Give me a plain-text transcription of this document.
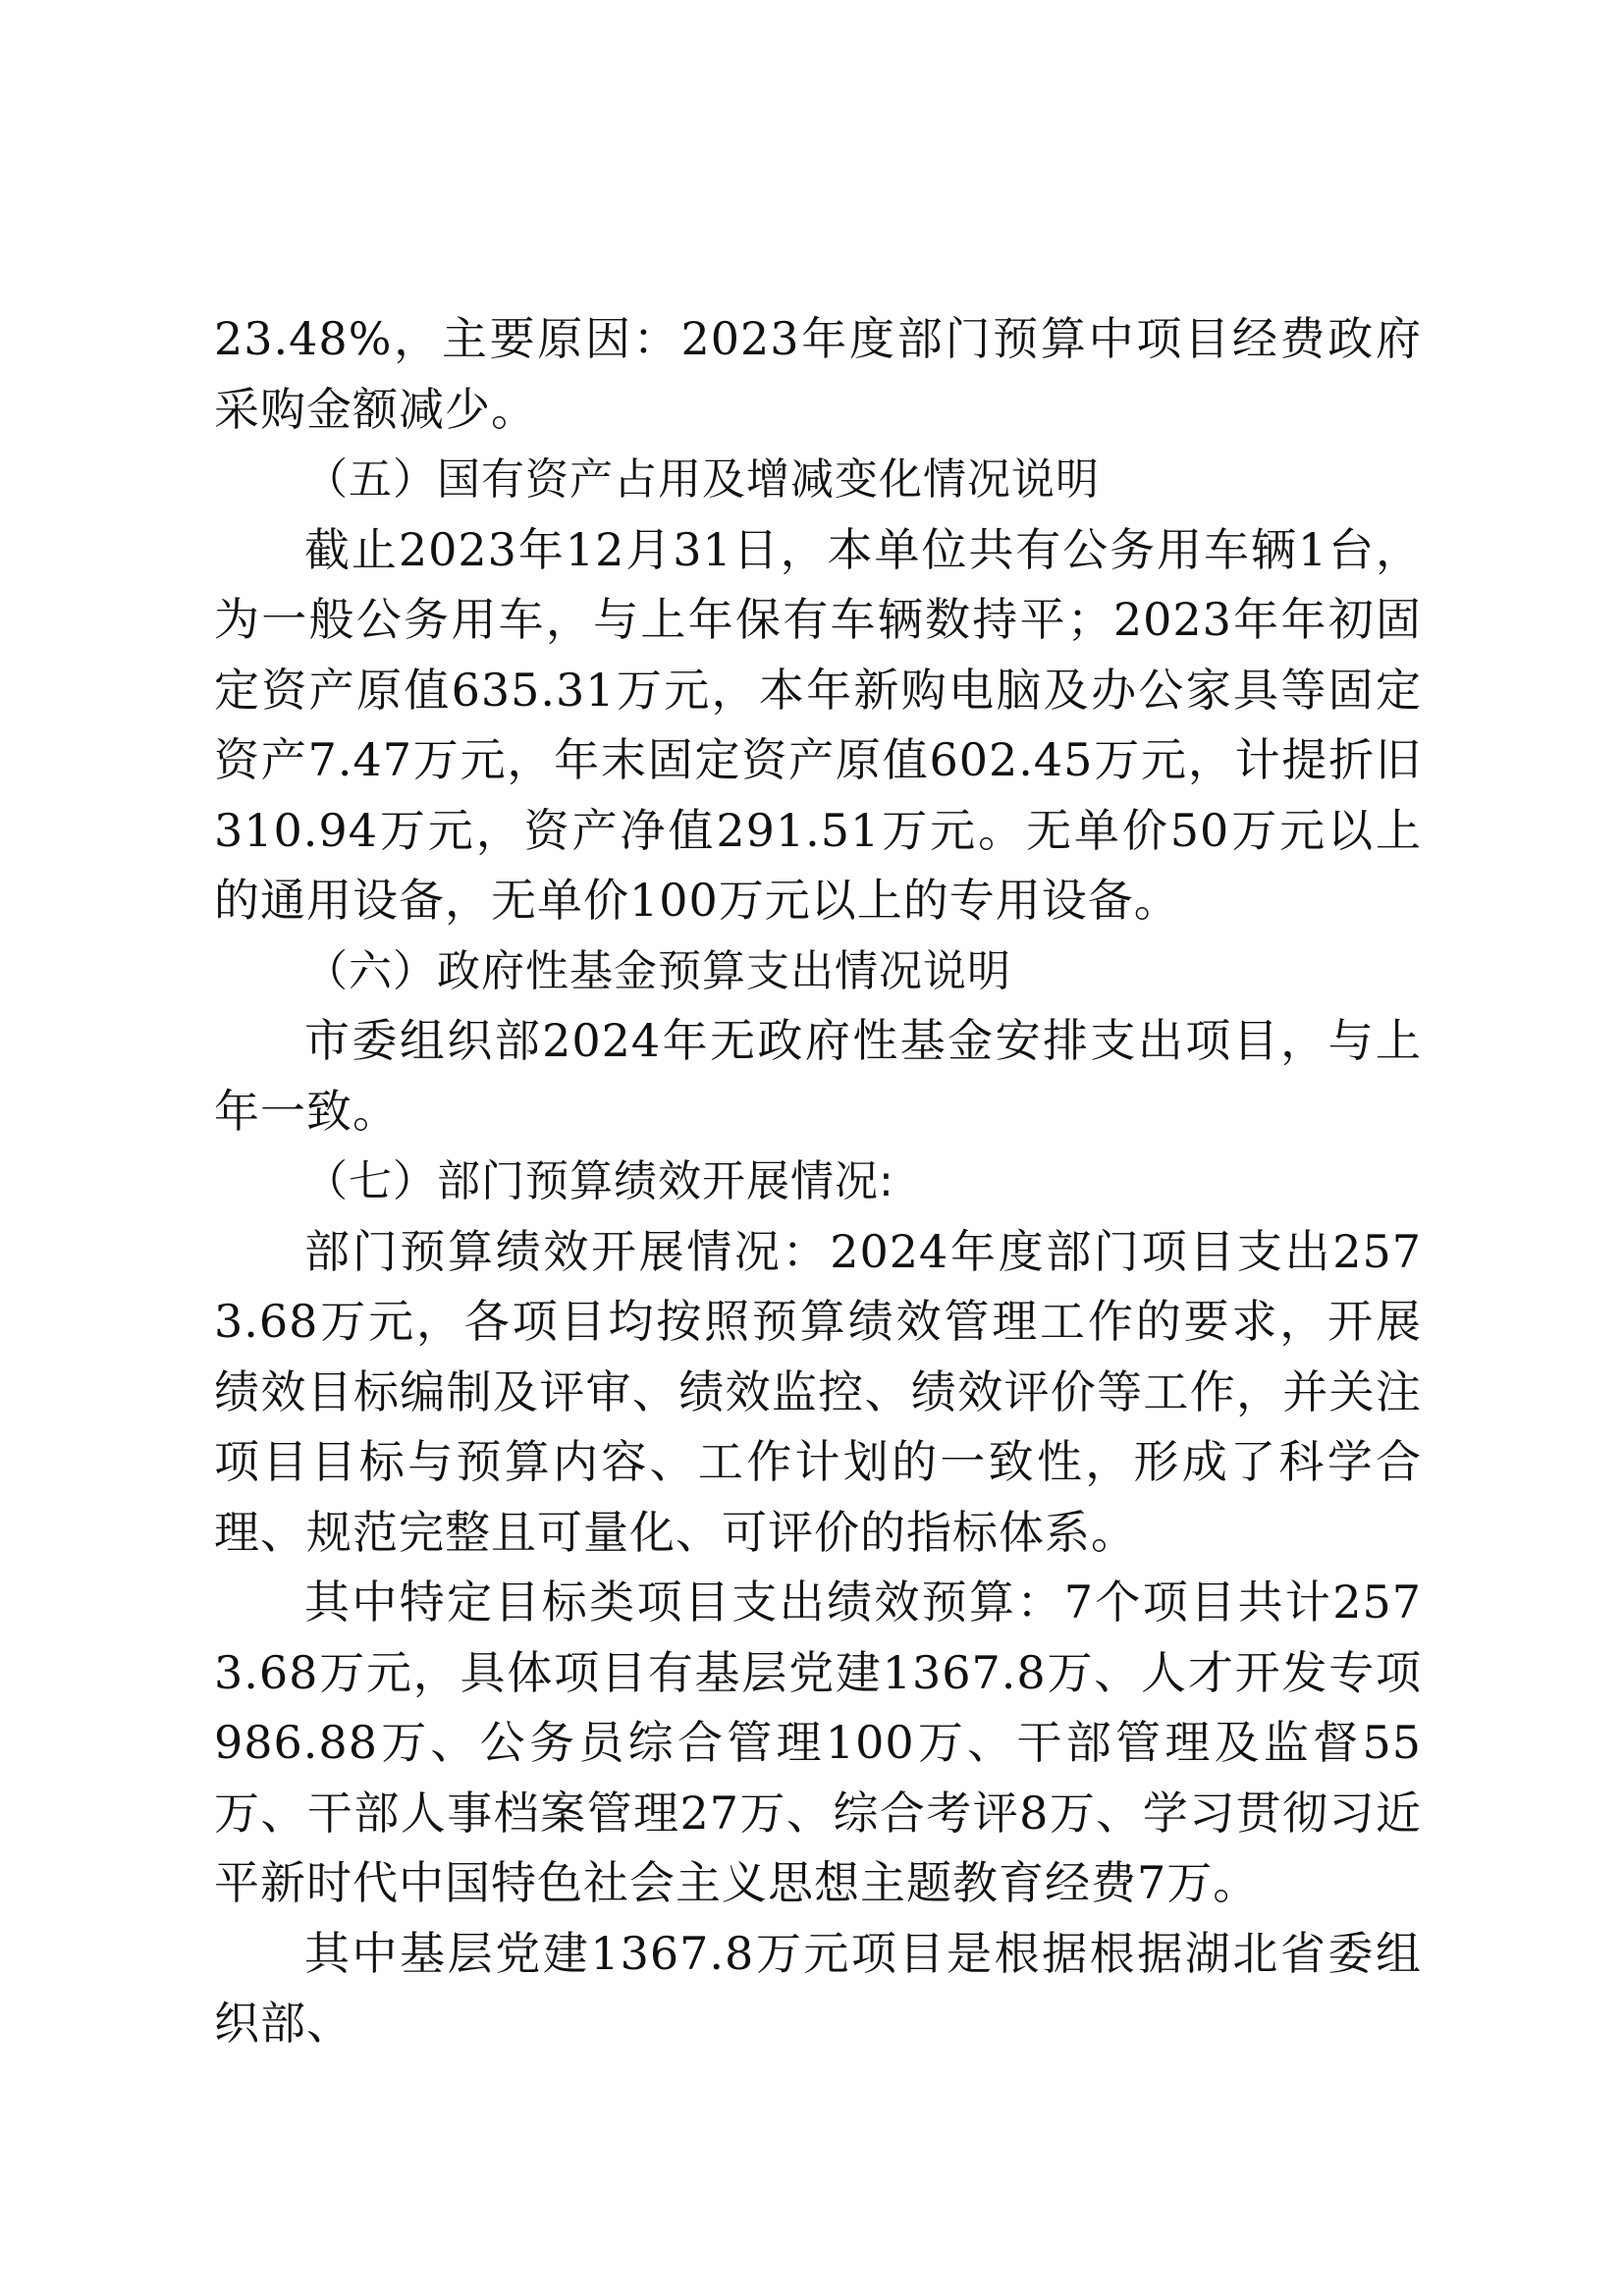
23.48%，主要原因：2023年度部门预算中项目经费政府采购金额减少。

（五）国有资产占用及增减变化情况说明

截止2023年12月31日，本单位共有公务用车辆1台，为一般公务用车，与上年保有车辆数持平；2023年年初固定资产原值635.31万元，本年新购电脑及办公家具等固定资产7.47万元，年末固定资产原值602.45万元，计提折旧310.94万元，资产净值291.51万元。无单价50万元以上的通用设备，无单价100万元以上的专用设备。

（六）政府性基金预算支出情况说明

市委组织部2024年无政府性基金安排支出项目，与上年一致。

（七）部门预算绩效开展情况:

部门预算绩效开展情况：2024年度部门项目支出2573.68万元，各项目均按照预算绩效管理工作的要求，开展绩效目标编制及评审、绩效监控、绩效评价等工作，并关注项目目标与预算内容、工作计划的一致性，形成了科学合理、规范完整且可量化、可评价的指标体系。

其中特定目标类项目支出绩效预算：7个项目共计2573.68万元，具体项目有基层党建1367.8万、人才开发专项986.88万、公务员综合管理100万、干部管理及监督55万、干部人事档案管理27万、综合考评8万、学习贯彻习近平新时代中国特色社会主义思想主题教育经费7万。

其中基层党建1367.8万元项目是根据根据湖北省委组织部、
